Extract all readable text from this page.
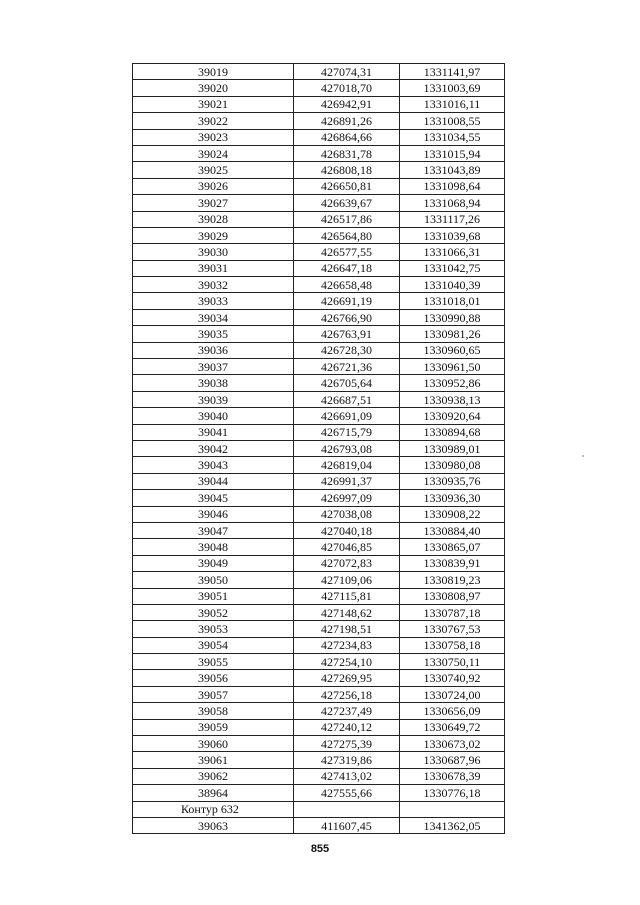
39019	427074,31	1331141,97
39020	427018,70	1331003,69
39021	426942,91	1331016,11
39022	426891,26	1331008,55
39023	426864,66	1331034,55
39024	426831,78	1331015,94
39025	426808,18	1331043,89
39026	426650,81	1331098,64
39027	426639,67	1331068,94
39028	426517,86	1331117,26
39029	426564,80	1331039,68
39030	426577,55	1331066,31
39031	426647,18	1331042,75
39032	426658,48	1331040,39
39033	426691,19	1331018,01
39034	426766,90	1330990,88
39035	426763,91	1330981,26
39036	426728,30	1330960,65
39037	426721,36	1330961,50
39038	426705,64	1330952,86
39039	426687,51	1330938,13
39040	426691,09	1330920,64
39041	426715,79	1330894,68
39042	426793,08	1330989,01
39043	426819,04	1330980,08
39044	426991,37	1330935,76
39045	426997,09	1330936,30
39046	427038,08	1330908,22
39047	427040,18	1330884,40
39048	427046,85	1330865,07
39049	427072,83	1330839,91
39050	427109,06	1330819,23
39051	427115,81	1330808,97
39052	427148,62	1330787,18
39053	427198,51	1330767,53
39054	427234,83	1330758,18
39055	427254,10	1330750,11
39056	427269,95	1330740,92
39057	427256,18	1330724,00
39058	427237,49	1330656,09
39059	427240,12	1330649,72
39060	427275,39	1330673,02
39061	427319,86	1330687,96
39062	427413,02	1330678,39
38964	427555,66	1330776,18
Контур 632		
39063	411607,45	1341362,05
855
